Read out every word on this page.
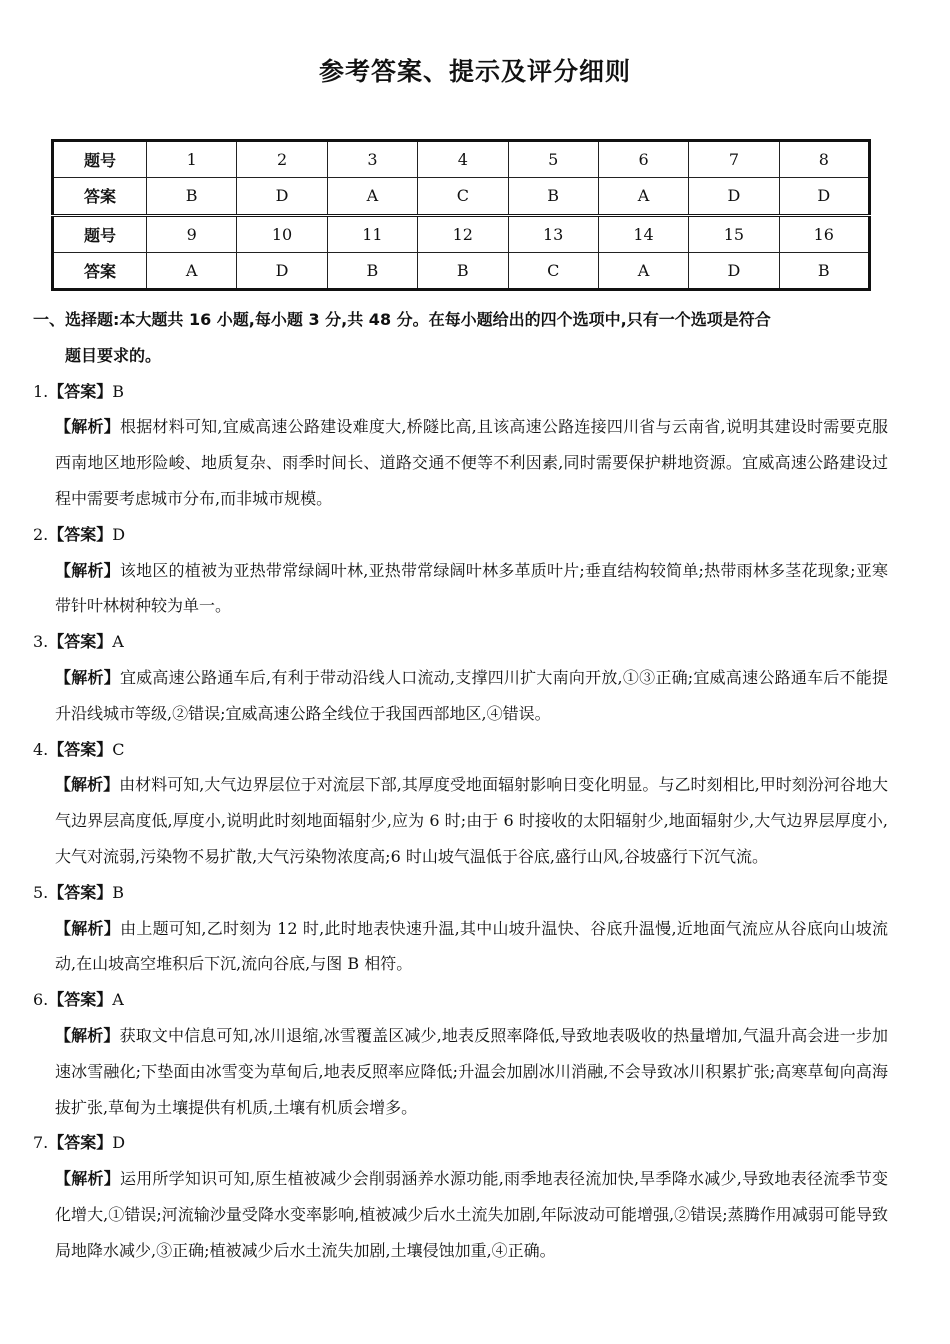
参考答案、提示及评分细则
题号	1	2	3	4	5	6	7	8
答案	B	D	A	C	B	A	D	D
题号	9	10	11	12	13	14	15	16
答案	A	D	B	B	C	A	D	B
一、选择题:本大题共 16 小题,每小题 3 分,共 48 分。在每小题给出的四个选项中,只有一个选项是符合
题目要求的。
1.【答案】B
【解析】根据材料可知,宜威高速公路建设难度大,桥隧比高,且该高速公路连接四川省与云南省,说明其建设时需要克服西南地区地形险峻、地质复杂、雨季时间长、道路交通不便等不利因素,同时需要保护耕地资源。宜威高速公路建设过程中需要考虑城市分布,而非城市规模。
2.【答案】D
【解析】该地区的植被为亚热带常绿阔叶林,亚热带常绿阔叶林多革质叶片;垂直结构较简单;热带雨林多茎花现象;亚寒带针叶林树种较为单一。
3.【答案】A
【解析】宜威高速公路通车后,有利于带动沿线人口流动,支撑四川扩大南向开放,①③正确;宜威高速公路通车后不能提升沿线城市等级,②错误;宜威高速公路全线位于我国西部地区,④错误。
4.【答案】C
【解析】由材料可知,大气边界层位于对流层下部,其厚度受地面辐射影响日变化明显。与乙时刻相比,甲时刻汾河谷地大气边界层高度低,厚度小,说明此时刻地面辐射少,应为 6 时;由于 6 时接收的太阳辐射少,地面辐射少,大气边界层厚度小,大气对流弱,污染物不易扩散,大气污染物浓度高;6 时山坡气温低于谷底,盛行山风,谷坡盛行下沉气流。
5.【答案】B
【解析】由上题可知,乙时刻为 12 时,此时地表快速升温,其中山坡升温快、谷底升温慢,近地面气流应从谷底向山坡流动,在山坡高空堆积后下沉,流向谷底,与图 B 相符。
6.【答案】A
【解析】获取文中信息可知,冰川退缩,冰雪覆盖区减少,地表反照率降低,导致地表吸收的热量增加,气温升高会进一步加速冰雪融化;下垫面由冰雪变为草甸后,地表反照率应降低;升温会加剧冰川消融,不会导致冰川积累扩张;高寒草甸向高海拔扩张,草甸为土壤提供有机质,土壤有机质会增多。
7.【答案】D
【解析】运用所学知识可知,原生植被减少会削弱涵养水源功能,雨季地表径流加快,旱季降水减少,导致地表径流季节变化增大,①错误;河流输沙量受降水变率影响,植被减少后水土流失加剧,年际波动可能增强,②错误;蒸腾作用减弱可能导致局地降水减少,③正确;植被减少后水土流失加剧,土壤侵蚀加重,④正确。
